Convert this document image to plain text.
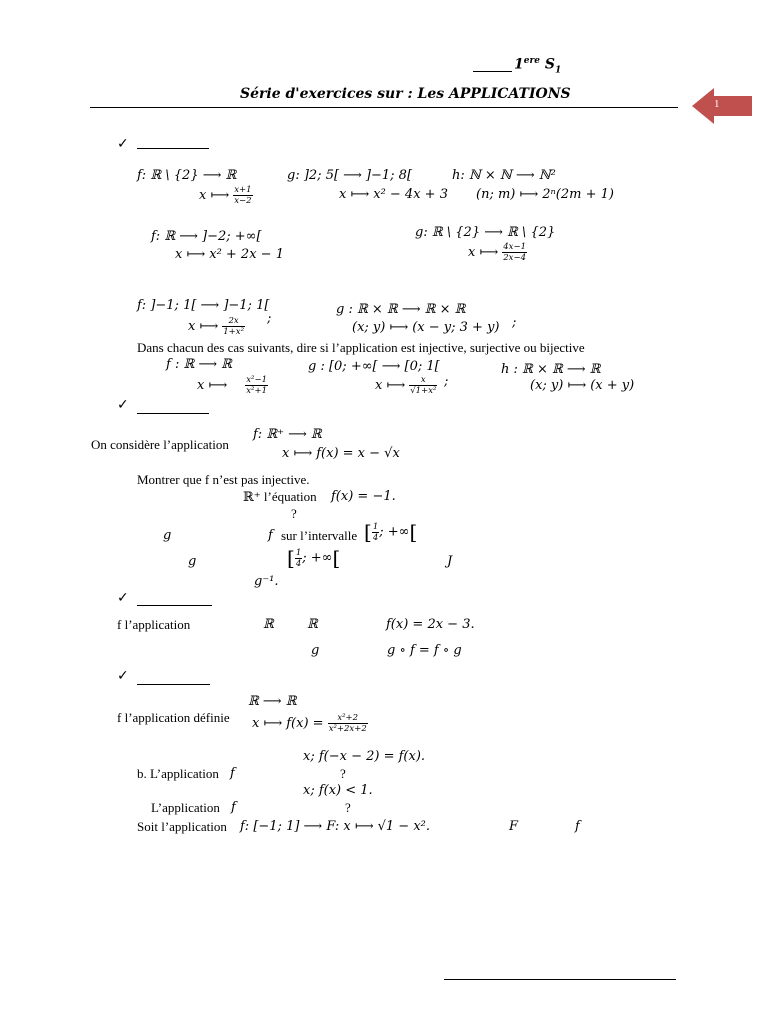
1ere $S_1$
Série d'exercices sur : Les APPLICATIONS
1
✓
f: ℝ \ {2} ⟶ ℝ
x ⟼ $\frac{x+1}{x-2}$
g: ]2; 5[ ⟶ ]−1; 8[
x ⟼ x² − 4x + 3
h: ℕ × ℕ ⟶ ℕ²
(n; m) ⟼ 2ⁿ(2m + 1)
f: ℝ ⟶ ]−2; +∞[
x ⟼ x² + 2x − 1
g: ℝ \ {2} ⟶ ℝ \ {2}
x ⟼ $\frac{4x-1}{2x-4}$
f: ]−1; 1[ ⟶ ]−1; 1[
x ⟼ $\frac{2x}{\text{1+x²}}$ ;
g : ℝ × ℝ ⟶ ℝ × ℝ
(x; y) ⟼ (x − y; 3 + y) ;
Dans chacun des cas suivants, dire si l’application est injective, surjective ou bijective
f : ℝ ⟶ ℝ
x ⟼ $\frac{\text{x²−1}}{\text{x²+1}}$
g : [0; +∞[ ⟶ [0; 1[
x ⟼ $\frac{x}{\text{√1+x²}}$ ;
h : ℝ × ℝ ⟶ ℝ
(x; y) ⟼ (x + y)
✓
On considère l’application
f: ℝ⁺ ⟶ ℝ
x ⟼ f(x) = x − √x
Montrer que f n’est pas injective.
ℝ⁺ l’équation f(x) = −1.
?
g	f sur l’intervalle [ $\frac{1}{4}$ ; +∞[
g	[ $\frac{1}{4}$ ; +∞[	J
g⁻¹.
✓
f l’application	ℝ	ℝ	f(x) = 2x − 3.
g	g ∘ f = f ∘ g
✓
ℝ ⟶ ℝ
f l’application définie x ⟼ $f(x) = \frac{\text{x²+2}}{\text{x²+2x+2}}$
x; f(−x − 2) = f(x).
b. L’application f	?
x; f(x) < 1.
L’application f	?
Soit l’application f: [−1; 1] ⟶ F: x ⟼ √1 − x².	F	f
